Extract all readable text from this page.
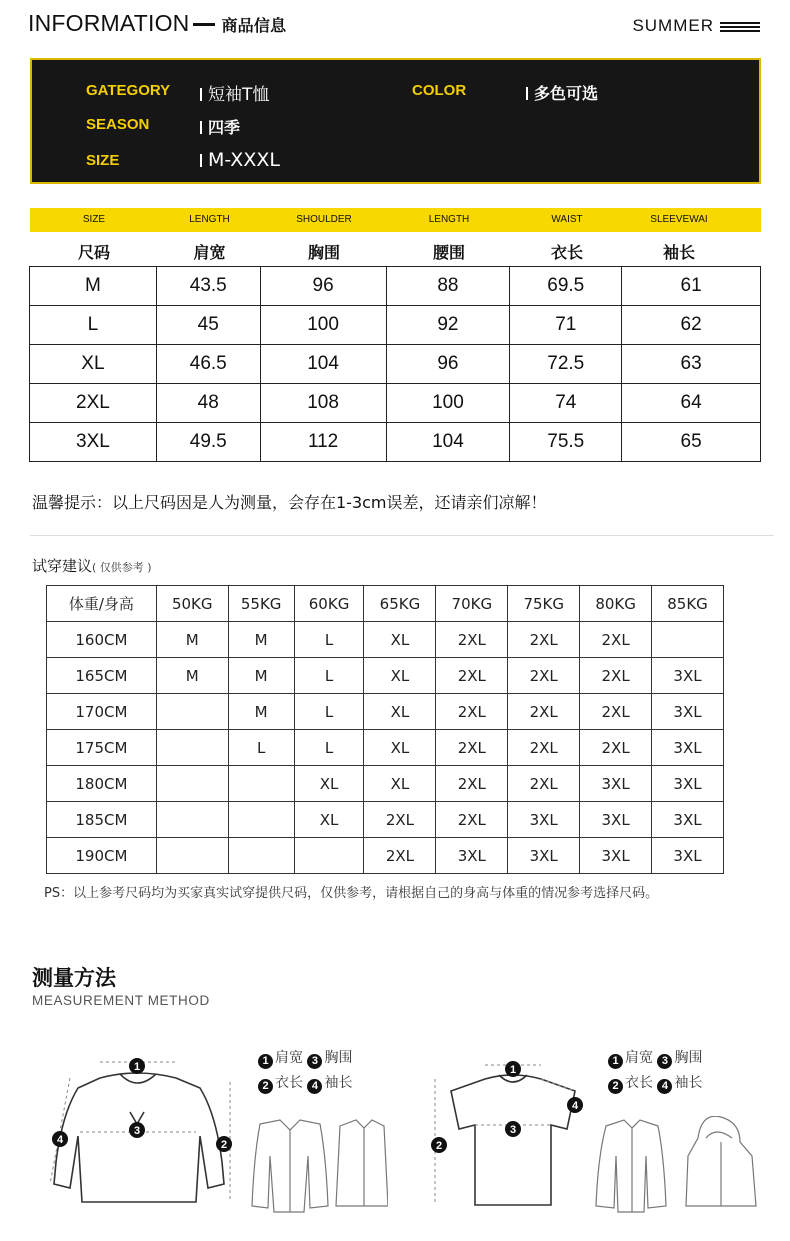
INFORMATION 商品信息	SUMMER
GATEGORY	短袖T恤	COLOR	多色可选
SEASON	四季
SIZE	M-XXXL
SIZE	LENGTH	SHOULDER	LENGTH	WAIST	SLEEVEWAI
尺码	肩宽	胸围	腰围	衣长	袖长
M	43.5	96	88	69.5	61
L	45	100	92	71	62
XL	46.5	104	96	72.5	63
2XL	48	108	100	74	64
3XL	49.5	112	104	75.5	65
温馨提示：以上尺码因是人为测量，会存在1-3cm误差，还请亲们凉解！
试穿建议( 仅供参考 )
体重/身高	50KG	55KG	60KG	65KG	70KG	75KG	80KG	85KG
160CM	M	M	L	XL	2XL	2XL	2XL	
165CM	M	M	L	XL	2XL	2XL	2XL	3XL
170CM		M	L	XL	2XL	2XL	2XL	3XL
175CM		L	L	XL	2XL	2XL	2XL	3XL
180CM			XL	XL	2XL	2XL	3XL	3XL
185CM			XL	2XL	2XL	3XL	3XL	3XL
190CM				2XL	3XL	3XL	3XL	3XL
PS：以上参考尺码均为买家真实试穿提供尺码，仅供参考，请根据自己的身高与体重的情况参考选择尺码。
测量方法
MEASUREMENT METHOD
1 肩宽 3 胸围
2 衣长 4 袖长
1 肩宽 3 胸围
2 衣长 4 袖长
1
3
2
4
1
3
2
4
